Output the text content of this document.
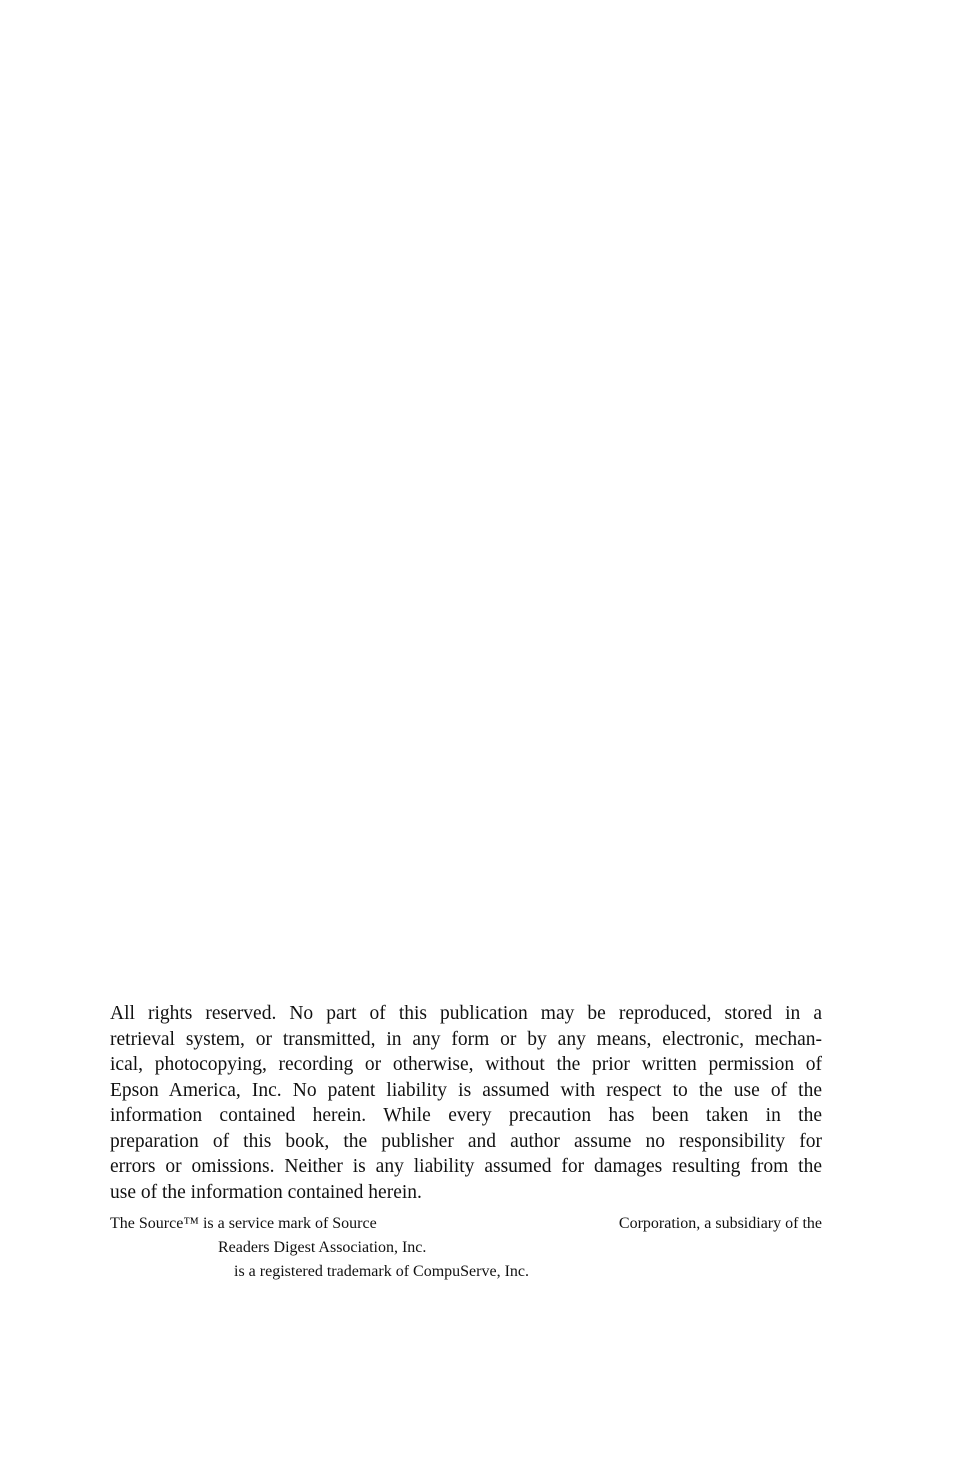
All rights reserved. No part of this publication may be reproduced, stored in a
retrieval system, or transmitted, in any form or by any means, electronic, mechan-
ical, photocopying, recording or otherwise, without the prior written permission of
Epson America, Inc. No patent liability is assumed with respect to the use of the
information contained herein. While every precaution has been taken in the
preparation of this book, the publisher and author assume no responsibility for
errors or omissions. Neither is any liability assumed for damages resulting from the
use of the information contained herein.
The Source™ is a service mark of Source	Corporation, a subsidiary of the
Readers Digest Association, Inc.
is a registered trademark of CompuServe, Inc.
